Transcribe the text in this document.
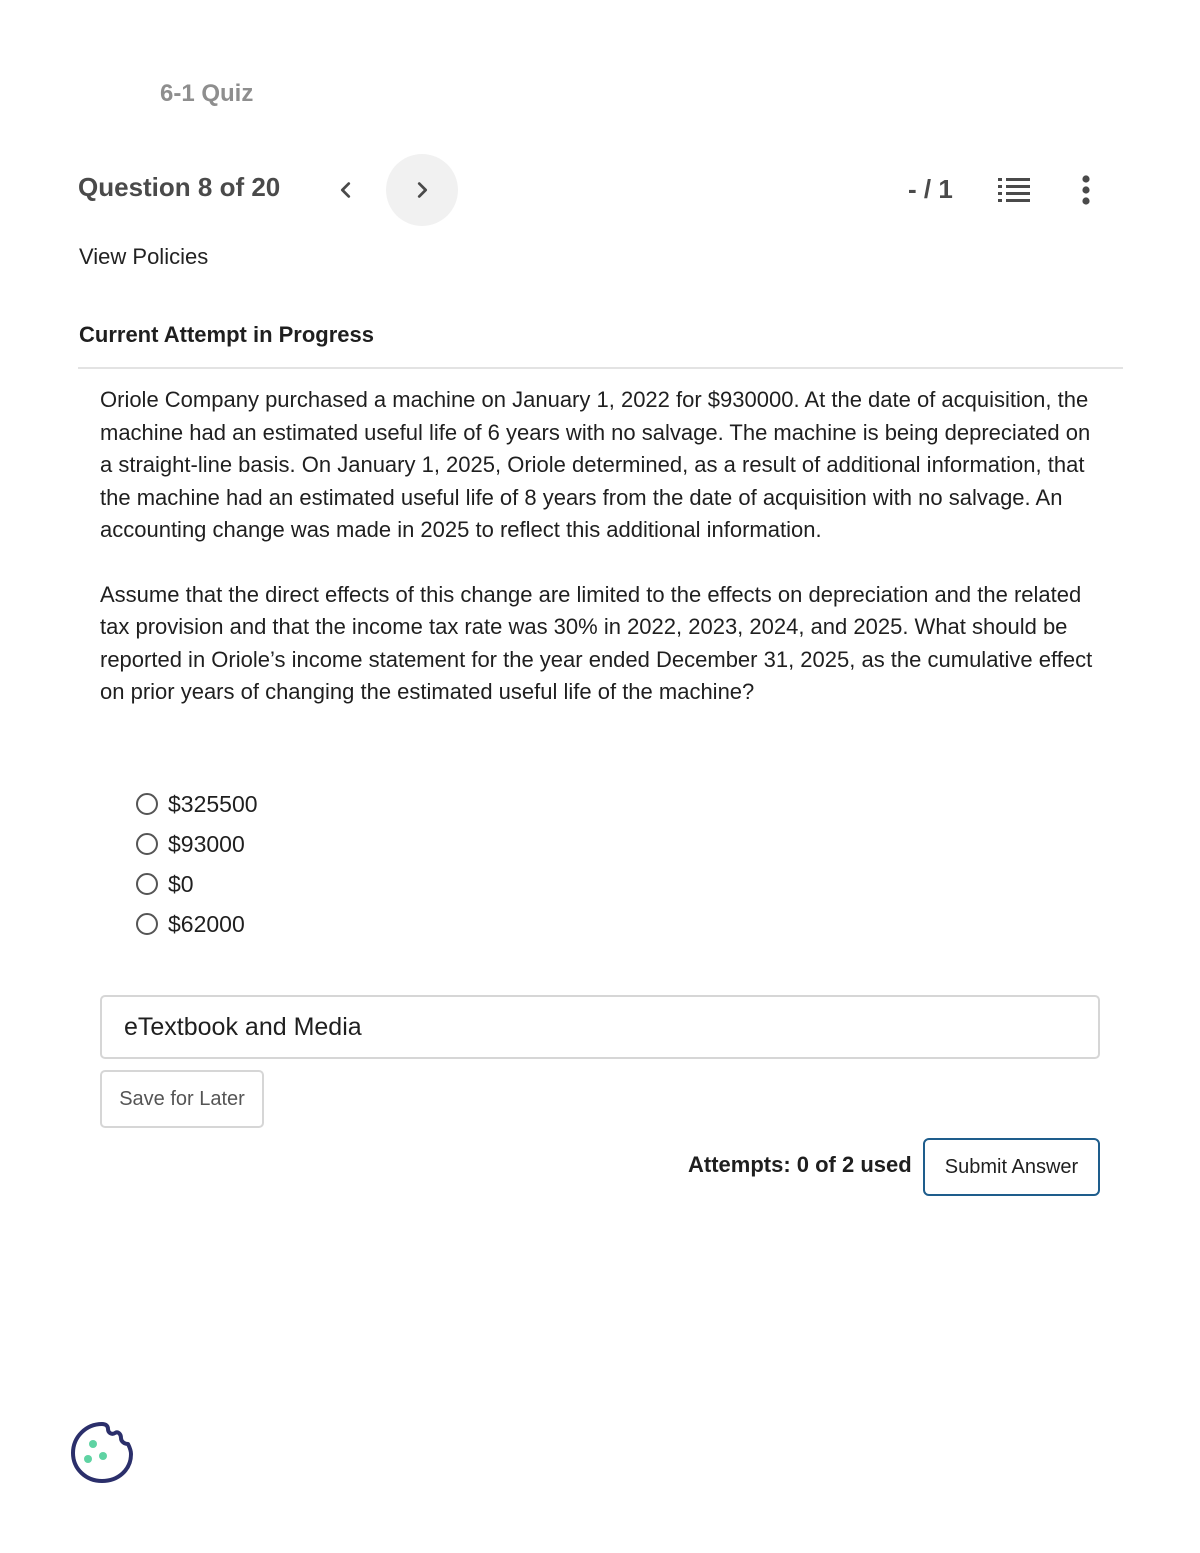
6-1 Quiz
Question 8 of 20	- / 1
View Policies
Current Attempt in Progress

Oriole Company purchased a machine on January 1, 2022 for $930000. At the date of acquisition, the machine had an estimated useful life of 6 years with no salvage. The machine is being depreciated on a straight-line basis. On January 1, 2025, Oriole determined, as a result of additional information, that the machine had an estimated useful life of 8 years from the date of acquisition with no salvage. An accounting change was made in 2025 to reflect this additional information.

Assume that the direct effects of this change are limited to the effects on depreciation and the related tax provision and that the income tax rate was 30% in 2022, 2023, 2024, and 2025. What should be reported in Oriole’s income statement for the year ended December 31, 2025, as the cumulative effect on prior years of changing the estimated useful life of the machine?

$325500
$93000
$0
$62000
eTextbook and Media
Save for Later
Attempts: 0 of 2 used	Submit Answer
